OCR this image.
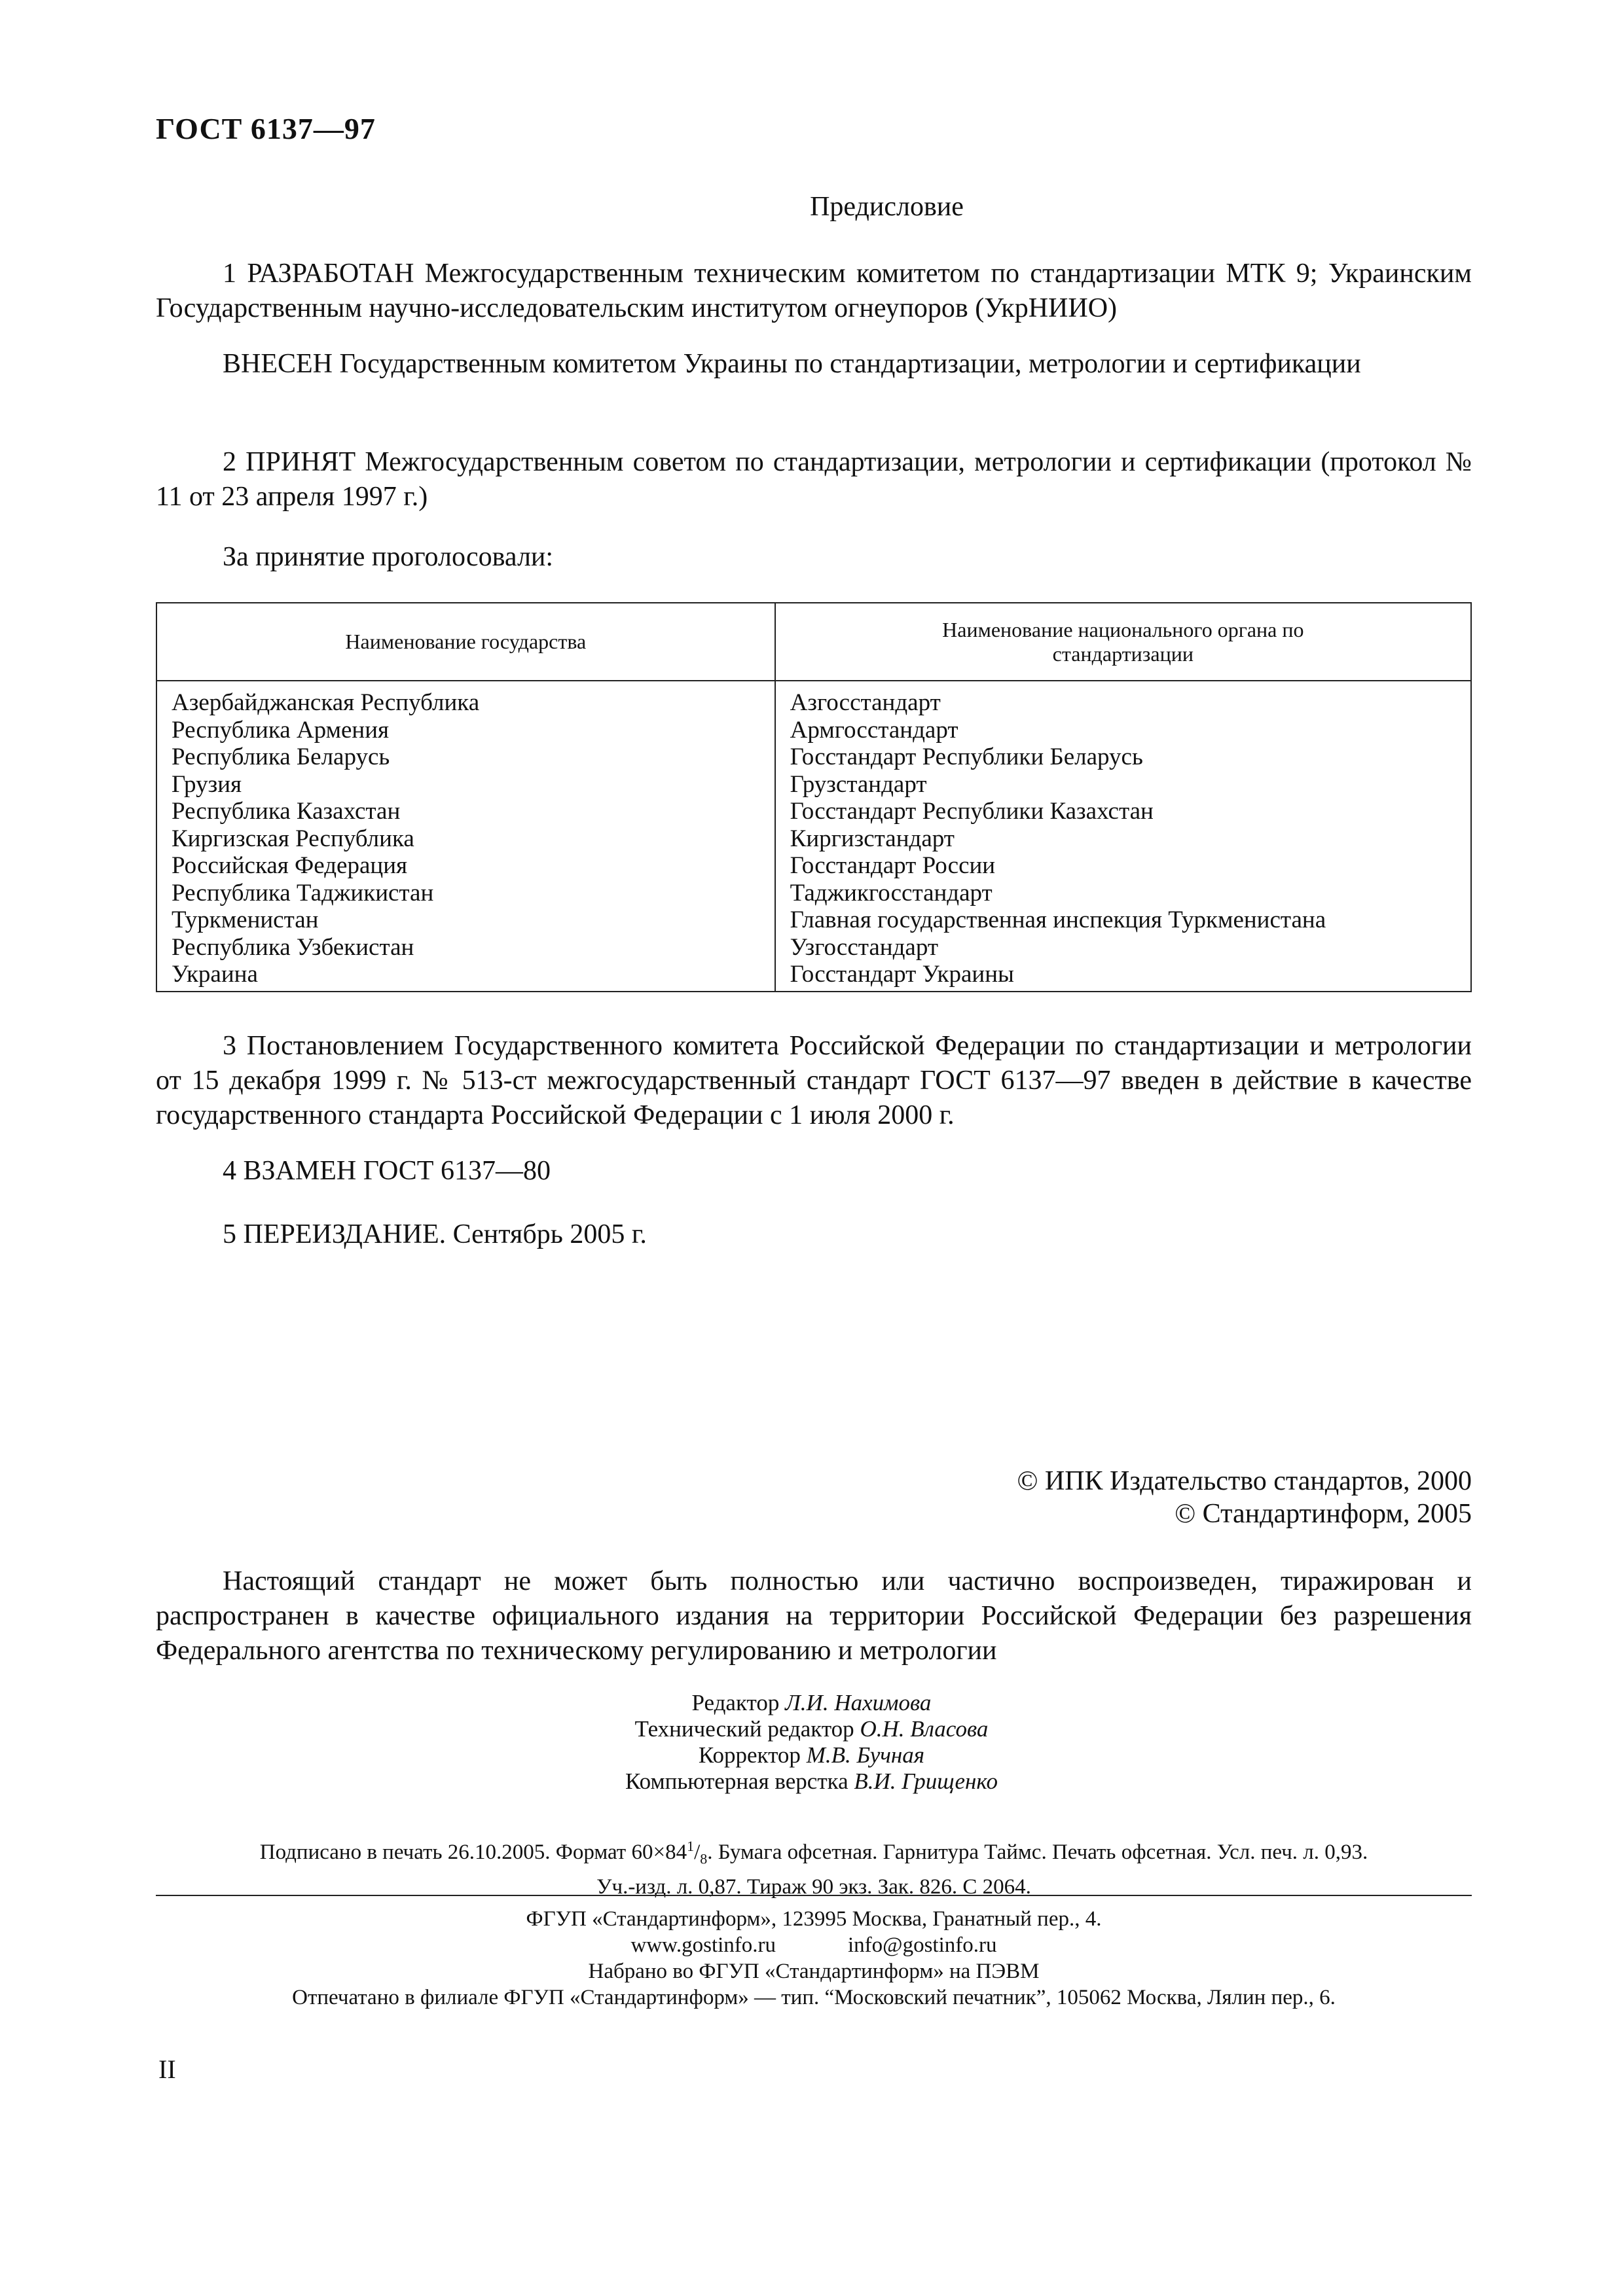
ГОСТ 6137—97
Предисловие
1 РАЗРАБОТАН Межгосударственным техническим комитетом по стандартизации МТК 9; Украинским Государственным научно-исследовательским институтом огнеупоров (УкрНИИО)
ВНЕСЕН Государственным комитетом Украины по стандартизации, метрологии и сертификации
2 ПРИНЯТ Межгосударственным советом по стандартизации, метрологии и сертификации (протокол № 11 от 23 апреля 1997 г.)
За принятие проголосовали:
Наименование государства	Наименование национального органа по стандартизации
Азербайджанская Республика	Азгосстандарт
Республика Армения	Армгосстандарт
Республика Беларусь	Госстандарт Республики Беларусь
Грузия	Грузстандарт
Республика Казахстан	Госстандарт Республики Казахстан
Киргизская Республика	Киргизстандарт
Российская Федерация	Госстандарт России
Республика Таджикистан	Таджикгосстандарт
Туркменистан	Главная государственная инспекция Туркменистана
Республика Узбекистан	Узгосстандарт
Украина	Госстандарт Украины
3 Постановлением Государственного комитета Российской Федерации по стандартизации и метрологии от 15 декабря 1999 г. № 513-ст межгосударственный стандарт ГОСТ 6137—97 введен в действие в качестве государственного стандарта Российской Федерации с 1 июля 2000 г.
4 ВЗАМЕН ГОСТ 6137—80
5 ПЕРЕИЗДАНИЕ. Сентябрь 2005 г.
© ИПК Издательство стандартов, 2000
© Стандартинформ, 2005
Настоящий стандарт не может быть полностью или частично воспроизведен, тиражирован и распространен в качестве официального издания на территории Российской Федерации без разрешения Федерального агентства по техническому регулированию и метрологии
Редактор Л.И. Нахимова
Технический редактор О.Н. Власова
Корректор М.В. Бучная
Компьютерная верстка В.И. Грищенко
Подписано в печать 26.10.2005. Формат $60\times 84^1/_8$. Бумага офсетная. Гарнитура Таймс. Печать офсетная. Усл. печ. л. 0,93.
Уч.-изд. л. 0,87. Тираж 90 экз. Зак. 826. С 2064.
ФГУП «Стандартинформ», 123995 Москва, Гранатный пер., 4.
www.gostinfo.ru	info@gostinfo.ru
Набрано во ФГУП «Стандартинформ» на ПЭВМ
Отпечатано в филиале ФГУП «Стандартинформ» — тип. “Московский печатник”, 105062 Москва, Лялин пер., 6.
II
